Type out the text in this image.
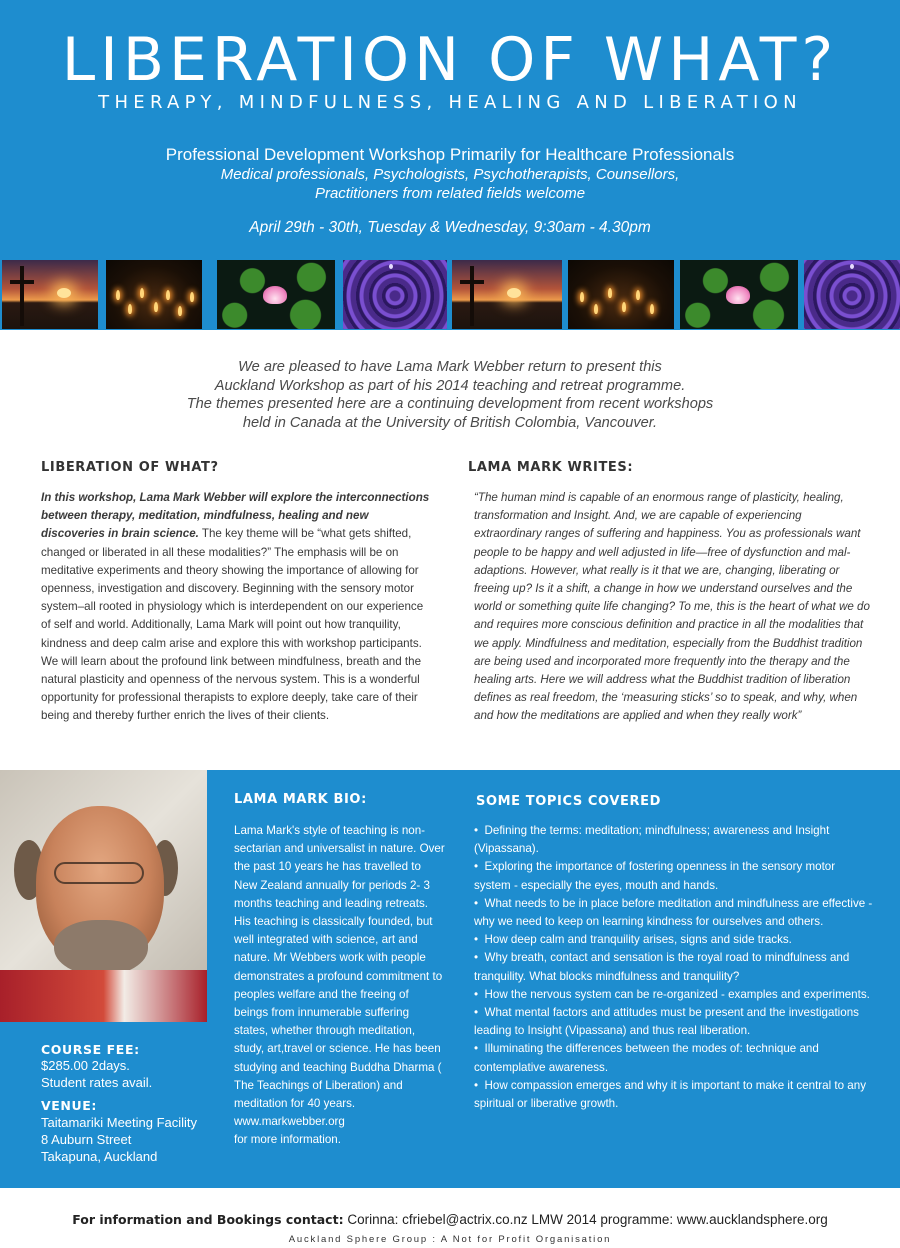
LIBERATION OF WHAT?
THERAPY, MINDFULNESS, HEALING AND LIBERATION
Professional Development Workshop Primarily for Healthcare Professionals
Medical professionals, Psychologists, Psychotherapists, Counsellors,
Practitioners from related fields welcome
April 29th - 30th, Tuesday & Wednesday, 9:30am - 4.30pm
We are pleased to have Lama Mark Webber return to present this
Auckland Workshop as part of his 2014 teaching and retreat programme.
The themes presented here are a continuing development from recent workshops
held in Canada at the University of British Colombia, Vancouver.
LIBERATION OF WHAT?

In this workshop, Lama Mark Webber will explore the interconnections between therapy, meditation, mindfulness, healing and new discoveries in brain science. The key theme will be “what gets shifted, changed or liberated in all these modalities?” The emphasis will be on meditative experiments and theory showing the importance of allowing for openness, investigation and discovery. Beginning with the sensory motor system–all rooted in physiology which is interdependent on our experience of self and world. Additionally, Lama Mark will point out how tranquility, kindness and deep calm arise and explore this with workshop participants. We will learn about the profound link between mindfulness, breath and the natural plasticity and openness of the nervous system. This is a wonderful opportunity for professional therapists to explore deeply, take care of their being and thereby further enrich the lives of their clients.

LAMA MARK WRITES:

“The human mind is capable of an enormous range of plasticity, healing, transformation and Insight. And, we are capable of experiencing extraordinary ranges of suffering and happiness. You as professionals want people to be happy and well adjusted in life—free of dysfunction and mal-adaptions. However, what really is it that we are, changing, liberating or freeing up? Is it a shift, a change in how we understand ourselves and the world or something quite life changing? To me, this is the heart of what we do and requires more conscious definition and practice in all the modalities that we apply. Mindfulness and meditation, especially from the Buddhist tradition are being used and incorporated more frequently into the therapy and the healing arts. Here we will address what the Buddhist tradition of liberation defines as real freedom, the ‘measuring sticks’ so to speak, and why, when and how the meditations are applied and when they really work”

LAMA MARK BIO:

Lama Mark's style of teaching is non-sectarian and universalist in nature. Over the past 10 years he has travelled to New Zealand annually for periods 2- 3 months teaching and leading retreats. His teaching is classically founded, but well integrated with science, art and nature. Mr Webbers work with people demonstrates a profound commitment to peoples welfare and the freeing of beings from innumerable suffering states, whether through meditation, study, art,travel or science. He has been studying and teaching Buddha Dharma ( The Teachings of Liberation) and meditation for 40 years.

www.markwebber.org

for more information.

SOME TOPICS COVERED
•  Defining the terms: meditation; mindfulness; awareness and Insight (Vipassana).
•  Exploring the importance of fostering openness in the sensory motor system - especially the eyes, mouth and hands.
•  What needs to be in place before meditation and mindfulness are effective - why we need to keep on learning kindness for ourselves and others.
•  How deep calm and tranquility arises, signs and side tracks.
•  Why breath, contact and sensation is the royal road to mindfulness and tranquility. What blocks mindfulness and tranquility?
•  How the nervous system can be re-organized - examples and experiments.
•  What mental factors and attitudes must be present and the investigations leading to Insight (Vipassana) and thus real liberation.
•  Illuminating the differences between the modes of: technique and contemplative awareness.
•  How compassion emerges and why it is important to make it central to any spiritual or liberative growth.
COURSE FEE:
$285.00 2days.
Student rates avail.
VENUE:
Taitamariki Meeting Facility
8 Auburn Street
Takapuna, Auckland
For information and Bookings contact: Corinna: cfriebel@actrix.co.nz LMW 2014 programme: www.aucklandsphere.org
Auckland Sphere Group : A Not for Profit Organisation
